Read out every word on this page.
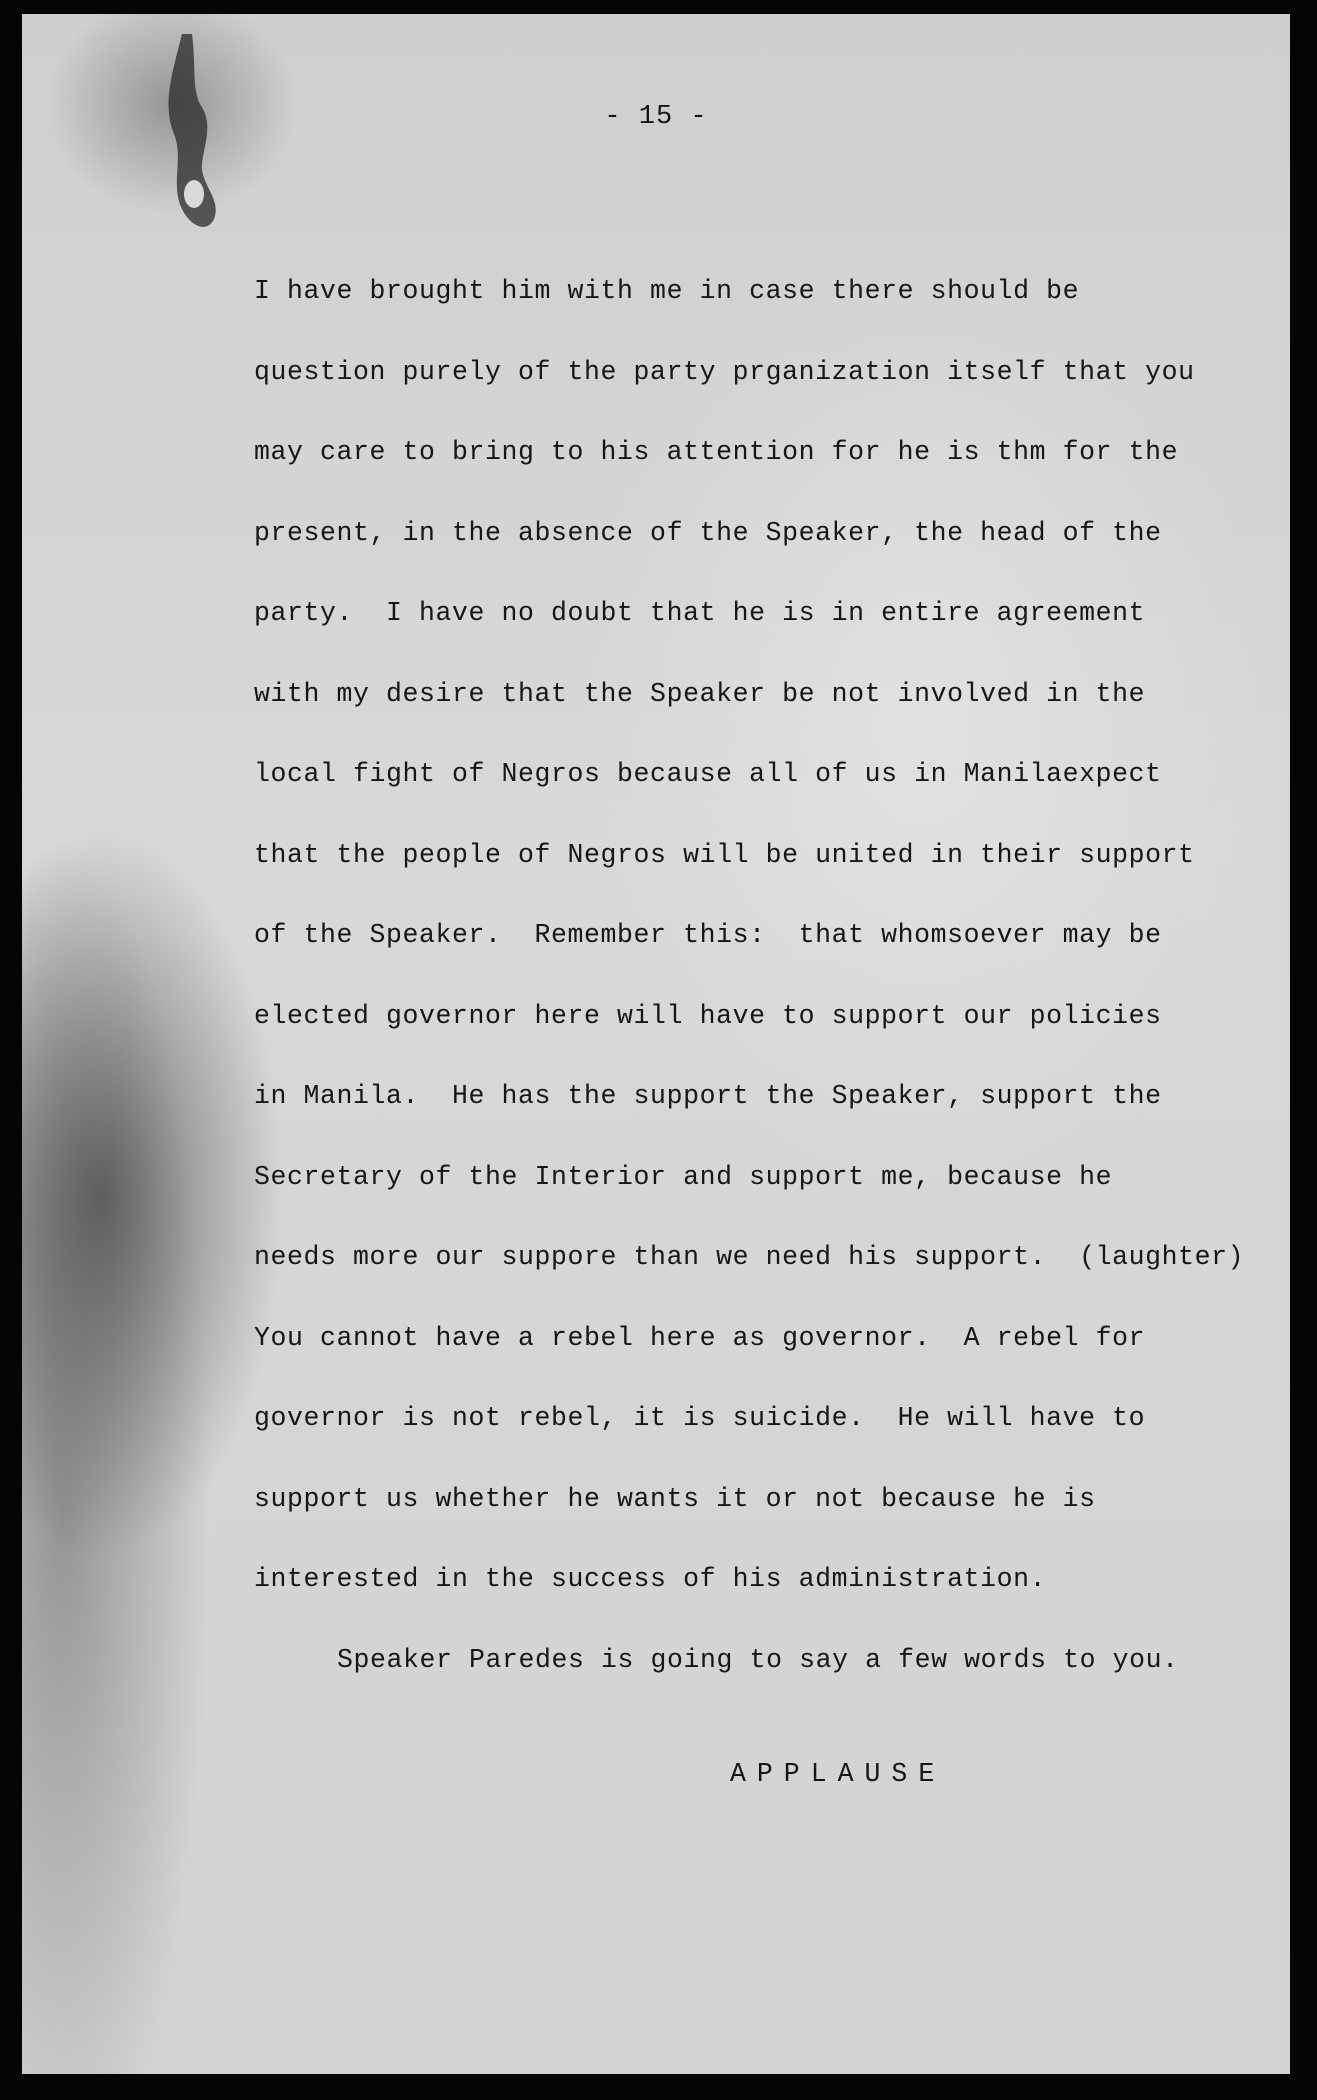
- 15 -
I have brought him with me in case there should be
question purely of the party prganization itself that you
may care to bring to his attention for he is thm for the
present, in the absence of the Speaker, the head of the
party.  I have no doubt that he is in entire agreement
with my desire that the Speaker be not involved in the
local fight of Negros because all of us in Manilaexpect
that the people of Negros will be united in their support
of the Speaker.  Remember this:  that whomsoever may be
elected governor here will have to support our policies
in Manila.  He has the support the Speaker, support the
Secretary of the Interior and support me, because he
needs more our suppore than we need his support.  (laughter)
You cannot have a rebel here as governor.  A rebel for
governor is not rebel, it is suicide.  He will have to
support us whether he wants it or not because he is
interested in the success of his administration.
Speaker Paredes is going to say a few words to you.
APPLAUSE
